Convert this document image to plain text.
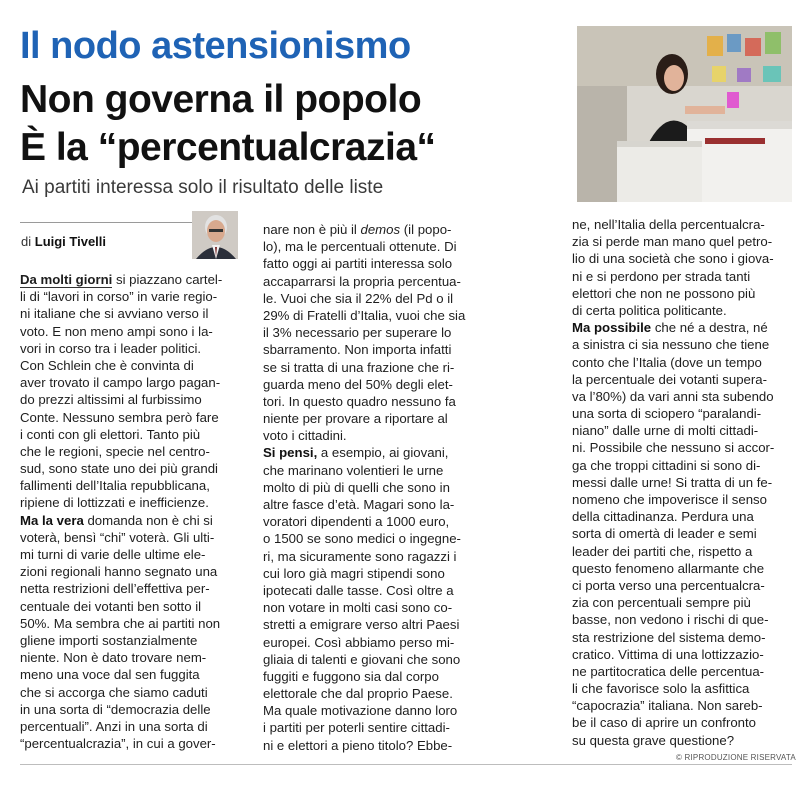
Il nodo astensionismo
Non governa il popolo
È la “percentualcrazia“
Ai partiti interessa solo il risultato delle liste
di Luigi Tivelli
Da molti giorni si piazzano cartel-
li di “lavori in corso” in varie regio-
ni italiane che si avviano verso il
voto. E non meno ampi sono i la-
vori in corso tra i leader politici.
Con Schlein che è convinta di
aver trovato il campo largo pagan-
do prezzi altissimi al furbissimo
Conte. Nessuno sembra però fare
i conti con gli elettori. Tanto più
che le regioni, specie nel centro-
sud, sono state uno dei più grandi
fallimenti dell’Italia repubblicana,
ripiene di lottizzati e inefficienze.
Ma la vera domanda non è chi si
voterà, bensì “chi” voterà. Gli ulti-
mi turni di varie delle ultime ele-
zioni regionali hanno segnato una
netta restrizioni dell’effettiva per-
centuale dei votanti ben sotto il
50%. Ma sembra che ai partiti non
gliene importi sostanzialmente
niente. Non è dato trovare nem-
meno una voce dal sen fuggita
che si accorga che siamo caduti
in una sorta di “democrazia delle
percentuali”. Anzi in una sorta di
“percentualcrazia”, in cui a gover-
nare non è più il demos (il popo-
lo), ma le percentuali ottenute. Di
fatto oggi ai partiti interessa solo
accaparrarsi la propria percentua-
le. Vuoi che sia il 22% del Pd o il
29% di Fratelli d’Italia, vuoi che sia
il 3% necessario per superare lo
sbarramento. Non importa infatti
se si tratta di una frazione che ri-
guarda meno del 50% degli elet-
tori. In questo quadro nessuno fa
niente per provare a riportare al
voto i cittadini.
Si pensi, a esempio, ai giovani,
che marinano volentieri le urne
molto di più di quelli che sono in
altre fasce d’età. Magari sono la-
voratori dipendenti a 1000 euro,
o 1500 se sono medici o ingegne-
ri, ma sicuramente sono ragazzi i
cui loro già magri stipendi sono
ipotecati dalle tasse. Così oltre a
non votare in molti casi sono co-
stretti a emigrare verso altri Paesi
europei. Così abbiamo perso mi-
gliaia di talenti e giovani che sono
fuggiti e fuggono sia dal corpo
elettorale che dal proprio Paese.
Ma quale motivazione danno loro
i partiti per poterli sentire cittadi-
ni e elettori a pieno titolo? Ebbe-
ne, nell’Italia della percentualcra-
zia si perde man mano quel petro-
lio di una società che sono i giova-
ni e si perdono per strada tanti
elettori che non ne possono più
di certa politica politicante.
Ma possibile che né a destra, né
a sinistra ci sia nessuno che tiene
conto che l’Italia (dove un tempo
la percentuale dei votanti supera-
va l’80%) da vari anni sta subendo
una sorta di sciopero “paralandi-
niano” dalle urne di molti cittadi-
ni. Possibile che nessuno si accor-
ga che troppi cittadini si sono di-
messi dalle urne! Si tratta di un fe-
nomeno che impoverisce il senso
della cittadinanza. Perdura una
sorta di omertà di leader e semi
leader dei partiti che, rispetto a
questo fenomeno allarmante che
ci porta verso una percentualcra-
zia con percentuali sempre più
basse, non vedono i rischi di que-
sta restrizione del sistema demo-
cratico. Vittima di una lottizzazio-
ne partitocratica delle percentua-
li che favorisce solo la asfittica
“capocrazia” italiana. Non sareb-
be il caso di aprire un confronto
su questa grave questione?
© RIPRODUZIONE RISERVATA
